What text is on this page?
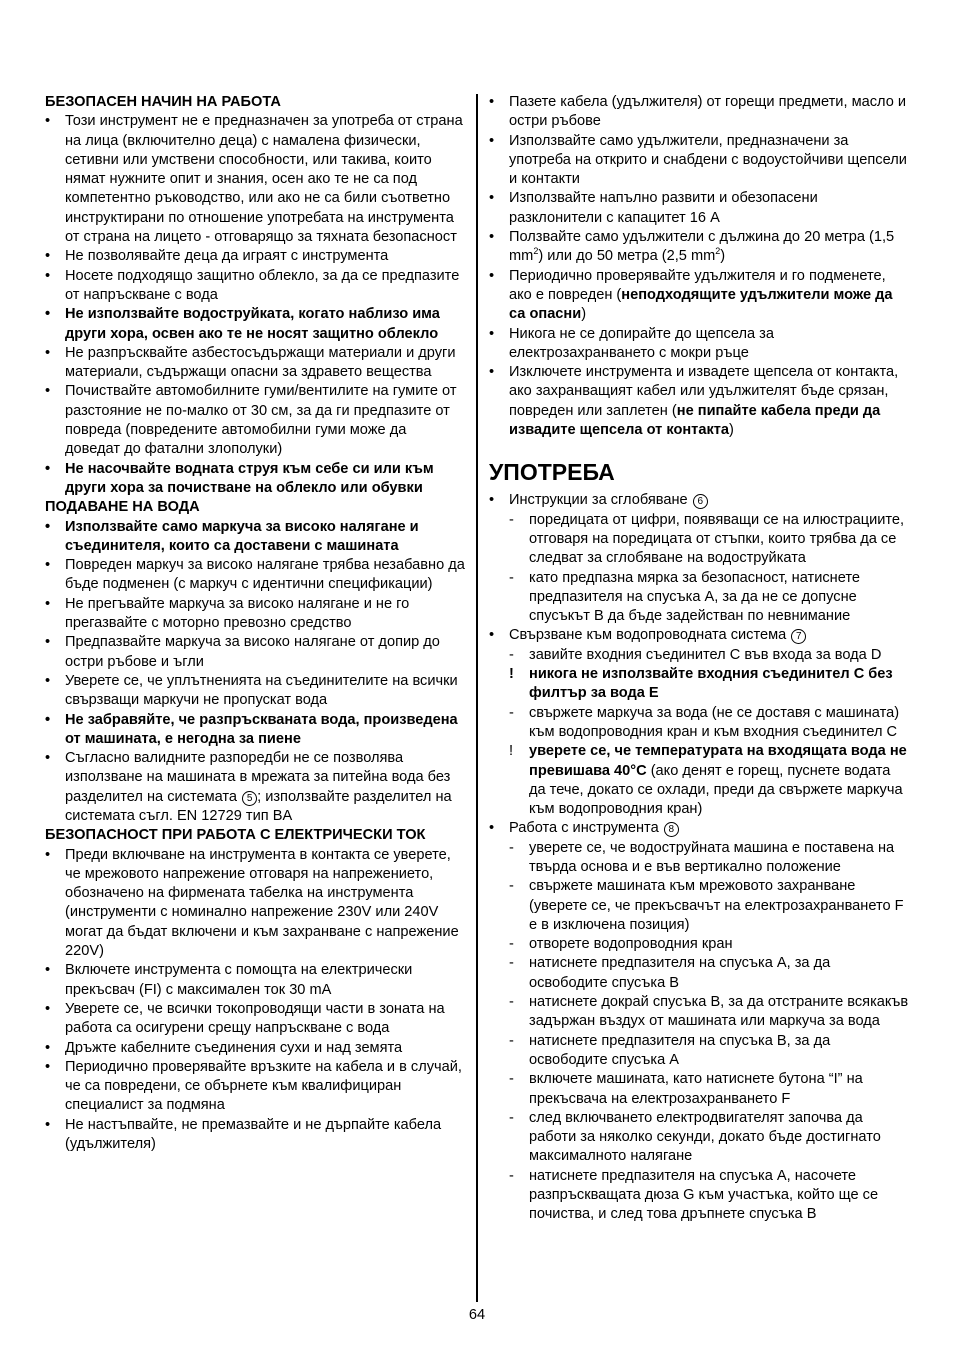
БЕЗОПАСЕН НАЧИН НА РАБОТА

• Този инструмент не е предназначен за употреба от страна на лица (включително деца) с намалена физически, сетивни или умствени способности, или такива, които нямат нужните опит и знания, осен ако те не са под компетентно ръководство, или ако не са били съответно инструктирани по отношение употребата на инструмента от страна на лицето - отговарящо за тяхната безопасност

• Не позволявайте деца да играят с инструмента

• Носете подходящо защитно облекло, за да се предпазите от напръскване с вода

• Не използвайте водоструйката, когато наблизо има други хора, освен ако те не носят защитно облекло

• Не разпръсквайте азбестосъдържащи материали и други материали, съдържащи опасни за здравето вещества

• Почиствайте автомобилните гуми/вентилите на гумите от разстояние не по-малко от 30 см, за да ги предпазите от повреда (повредените автомобилни гуми може да доведат до фатални злополуки)

• Не насочвайте водната струя към себе си или към други хора за почистване на облекло или обувки

ПОДАВАНЕ НА ВОДА

• Използвайте само маркуча за високо налягане и съединителя, които са доставени с машината

• Повреден маркуч за високо налягане трябва незабавно да бъде подменен (с маркуч с идентични спецификации)

• Не прегъвайте маркуча за високо налягане и не го прегазвайте с моторно превозно средство

• Предпазвайте маркуча за високо налягане от допир до остри ръбове и ъгли

• Уверете се, че уплътненията на съединителите на всички свързващи маркучи не пропускат вода

• Не забравяйте, че разпръскваната вода, произведена от машината, е негодна за пиене

• Съгласно валидните разпоредби не се позволява използване на машината в мрежата за питейна вода без разделител на системата 5 ; използвайте разделител на системата съгл. EN 12729 тип BA

БЕЗОПАСНОСТ ПРИ РАБОТА С ЕЛЕКТРИЧЕСКИ ТОК

• Преди включване на инструмента в контакта се уверете, че мрежовото напрежение отговаря на напрежението, обозначено на фирмената табелка на инструмента (инструменти с номинално напрежение 230V или 240V могат да бъдат включени и към захранване с напрежение 220V)

• Включете инструмента с помощта на електрически прекъсвач (FI) с максимален ток 30 mA

• Уверете се, че всички токопроводящи части в зоната на работа са осигурени срещу напръскване с вода

• Дръжте кабелните съединения сухи и над земята

• Периодично проверявайте връзките на кабела и в случай, че са повредени, се обърнете към квалифициран специалист за подмяна

• Не настъпвайте, не премазвайте и не дърпайте кабела (удължителя)

• Пазете кабела (удължителя) от горещи предмети, масло и остри ръбове

• Използвайте само удължители, предназначени за употреба на открито и снабдени с водоустойчиви щепсели и контакти

• Използвайте напълно развити и обезопасени разклонители с капацитет 16 А

• Ползвайте само удължители с дължина до 20 метра (1,5 $mm^2$) или до 50 метра (2,5 $mm^2$)

• Периодично проверявайте удължителя и го подменете, ако е повреден (неподходящите удължители може да са опасни)

• Никога не се допирайте до щепсела за електрозахранването с мокри ръце

• Изключете инструмента и извадете щепсела от контакта, ако захранващият кабел или удължителят бъде срязан, повреден или заплетен (не пипайте кабела преди да извадите щепсела от контакта)

УПОТРЕБА

• Инструкции за сглобяване 6

- поредицата от цифри, появяващи се на илюстрациите, отговаря на поредицата от стъпки, които трябва да се следват за сглобяване на водоструйката

- като предпазна мярка за безопасност, натиснете предпазителя на спусъка А, за да не се допусне спусъкът В да бъде задействан по невнимание

• Свързване към водопроводната система 7

- завийте входния съединител С във входа за вода D

! никога не използвайте входния съединител C без филтър за вода E

- свържете маркуча за вода (не се доставя с машината) към водопроводния кран и към входния съединител С

! уверете се, че температурата на входящата вода не превишава 40°C (ако денят е горещ, пуснете водата да тече, докато се охлади, преди да свържете маркуча към водопроводния кран)

• Работа с инструмента 8

- уверете се, че водоструйната машина е поставена на твърда основа и е във вертикално положение

- свържете машината към мрежовото захранване (уверете се, че прекъсвачът на електрозахранването F е в изключена позиция)

- отворете водопроводния кран

- натиснете предпазителя на спусъка А, за да освободите спусъка В

- натиснете докрай спусъка В, за да отстраните всякакъв задържан въздух от машината или маркуча за вода

- натиснете предпазителя на спусъка В, за да освободите спусъка А

- включете машината, като натиснете бутона “I” на прекъсвача на електрозахранването F

- след включването електродвигателят започва да работи за няколко секунди, докато бъде достигнато максималното налягане

- натиснете предпазителя на спусъка А, насочете разпръскващата дюза G към участъка, който ще се почиства, и след това дръпнете спусъка В

64
